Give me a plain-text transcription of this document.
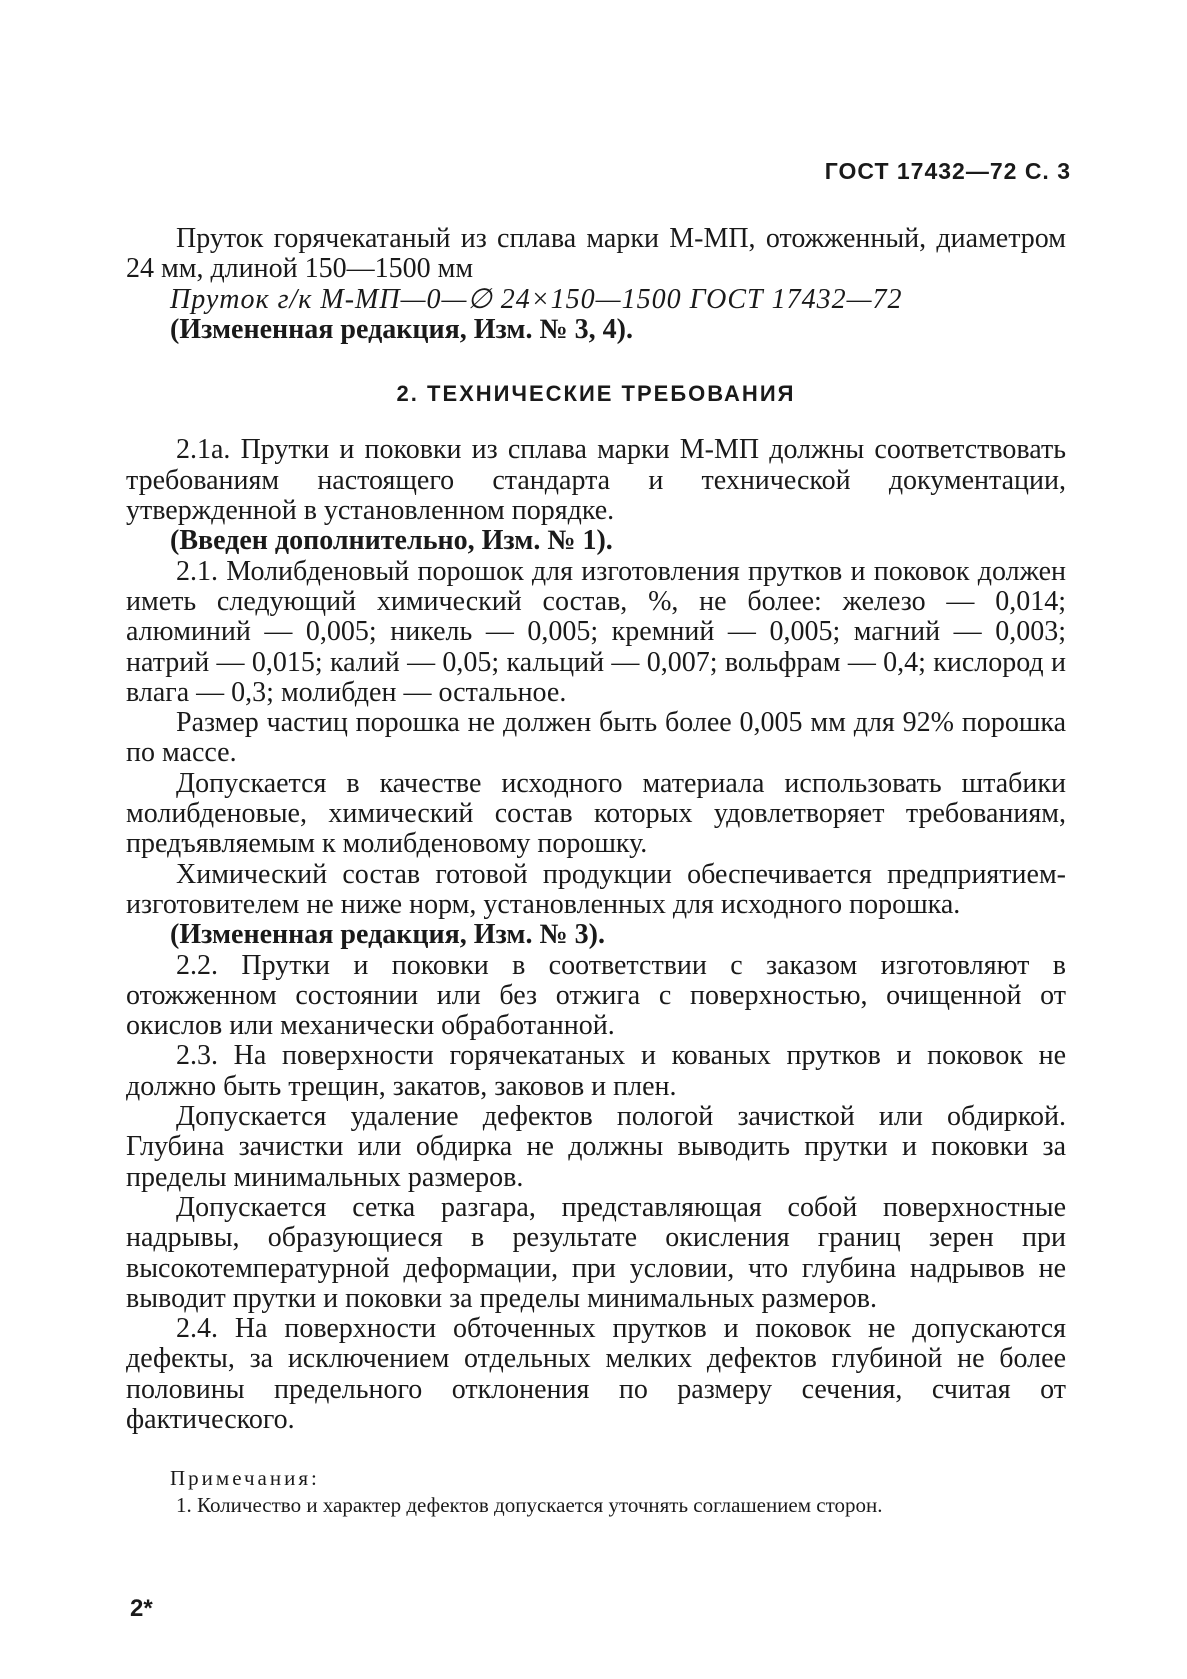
ГОСТ 17432—72 С. 3

Пруток горячекатаный из сплава марки М-МП, отожженный, диаметром 24 мм, длиной 150—1500 мм

Пруток г/к М-МП—0—∅ 24×150—1500 ГОСТ 17432—72

(Измененная редакция, Изм. № 3, 4).

2. ТЕХНИЧЕСКИЕ ТРЕБОВАНИЯ

2.1а. Прутки и поковки из сплава марки М-МП должны соответствовать требованиям настоящего стандарта и технической документации, утвержденной в установленном порядке.

(Введен дополнительно, Изм. № 1).

2.1. Молибденовый порошок для изготовления прутков и поковок должен иметь следующий химический состав, %, не более: железо — 0,014; алюминий — 0,005; никель — 0,005; кремний — 0,005; магний — 0,003; натрий — 0,015; калий — 0,05; кальций — 0,007; вольфрам — 0,4; кислород и влага — 0,3; молибден — остальное.

Размер частиц порошка не должен быть более 0,005 мм для 92% порошка по массе.

Допускается в качестве исходного материала использовать штабики молибденовые, химический состав которых удовлетворяет требованиям, предъявляемым к молибденовому порошку.

Химический состав готовой продукции обеспечивается предприятием-изготовителем не ниже норм, установленных для исходного порошка.

(Измененная редакция, Изм. № 3).

2.2. Прутки и поковки в соответствии с заказом изготовляют в отожженном состоянии или без отжига с поверхностью, очищенной от окислов или механически обработанной.

2.3. На поверхности горячекатаных и кованых прутков и поковок не должно быть трещин, закатов, заковов и плен.

Допускается удаление дефектов пологой зачисткой или обдиркой. Глубина зачистки или обдирка не должны выводить прутки и поковки за пределы минимальных размеров.

Допускается сетка разгара, представляющая собой поверхностные надрывы, образующиеся в результате окисления границ зерен при высокотемпературной деформации, при условии, что глубина надрывов не выводит прутки и поковки за пределы минимальных размеров.

2.4. На поверхности обточенных прутков и поковок не допускаются дефекты, за исключением отдельных мелких дефектов глубиной не более половины предельного отклонения по размеру сечения, считая от фактического.

Примечания:

1. Количество и характер дефектов допускается уточнять соглашением сторон.

2*
